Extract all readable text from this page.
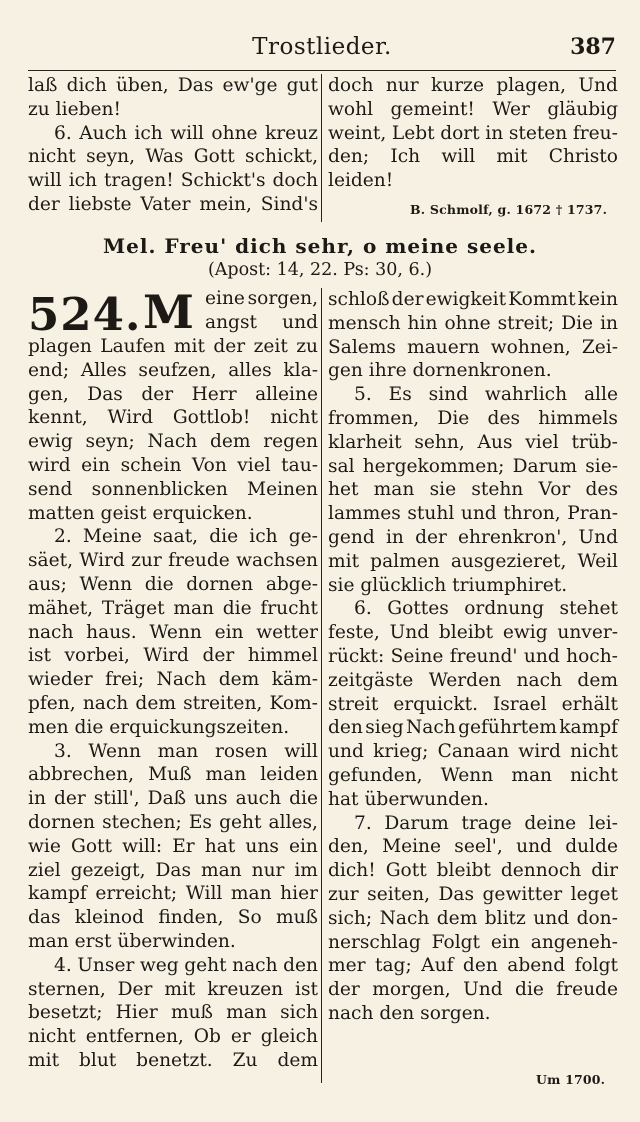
Trostlieder.	387
laß dich üben, Das ew'ge gut
zu lieben!
6. Auch ich will ohne kreuz
nicht seyn, Was Gott schickt,
will ich tragen! Schickt's doch
der liebste Vater mein, Sind's
doch nur kurze plagen, Und
wohl gemeint! Wer gläubig
weint, Lebt dort in steten freu-
den; Ich will mit Christo
leiden!
B. Schmolf, g. 1672 † 1737.
Mel. Freu' dich sehr, o meine seele.
(Apost: 14, 22. Ps: 30, 6.)
524. M eine sorgen,
angst und
plagen Laufen mit der zeit zu
end; Alles seufzen, alles kla-
gen, Das der Herr alleine
kennt, Wird Gottlob! nicht
ewig seyn; Nach dem regen
wird ein schein Von viel tau-
send sonnenblicken Meinen
matten geist erquicken.
2. Meine saat, die ich ge-
säet, Wird zur freude wachsen
aus; Wenn die dornen abge-
mähet, Träget man die frucht
nach haus. Wenn ein wetter
ist vorbei, Wird der himmel
wieder frei; Nach dem käm-
pfen, nach dem streiten, Kom-
men die erquickungszeiten.
3. Wenn man rosen will
abbrechen, Muß man leiden
in der still', Daß uns auch die
dornen stechen; Es geht alles,
wie Gott will: Er hat uns ein
ziel gezeigt, Das man nur im
kampf erreicht; Will man hier
das kleinod finden, So muß
man erst überwinden.
4. Unser weg geht nach den
sternen, Der mit kreuzen ist
besetzt; Hier muß man sich
nicht entfernen, Ob er gleich
mit blut benetzt. Zu dem
schloß der ewigkeit Kommt kein
mensch hin ohne streit; Die in
Salems mauern wohnen, Zei-
gen ihre dornenkronen.
5. Es sind wahrlich alle
frommen, Die des himmels
klarheit sehn, Aus viel trüb-
sal hergekommen; Darum sie-
het man sie stehn Vor des
lammes stuhl und thron, Pran-
gend in der ehrenkron', Und
mit palmen ausgezieret, Weil
sie glücklich triumphiret.
6. Gottes ordnung stehet
feste, Und bleibt ewig unver-
rückt: Seine freund' und hoch-
zeitgäste Werden nach dem
streit erquickt. Israel erhält
den sieg Nach geführtem kampf
und krieg; Canaan wird nicht
gefunden, Wenn man nicht
hat überwunden.
7. Darum trage deine lei-
den, Meine seel', und dulde
dich! Gott bleibt dennoch dir
zur seiten, Das gewitter leget
sich; Nach dem blitz und don-
nerschlag Folgt ein angeneh-
mer tag; Auf den abend folgt
der morgen, Und die freude
nach den sorgen.
Um 1700.
